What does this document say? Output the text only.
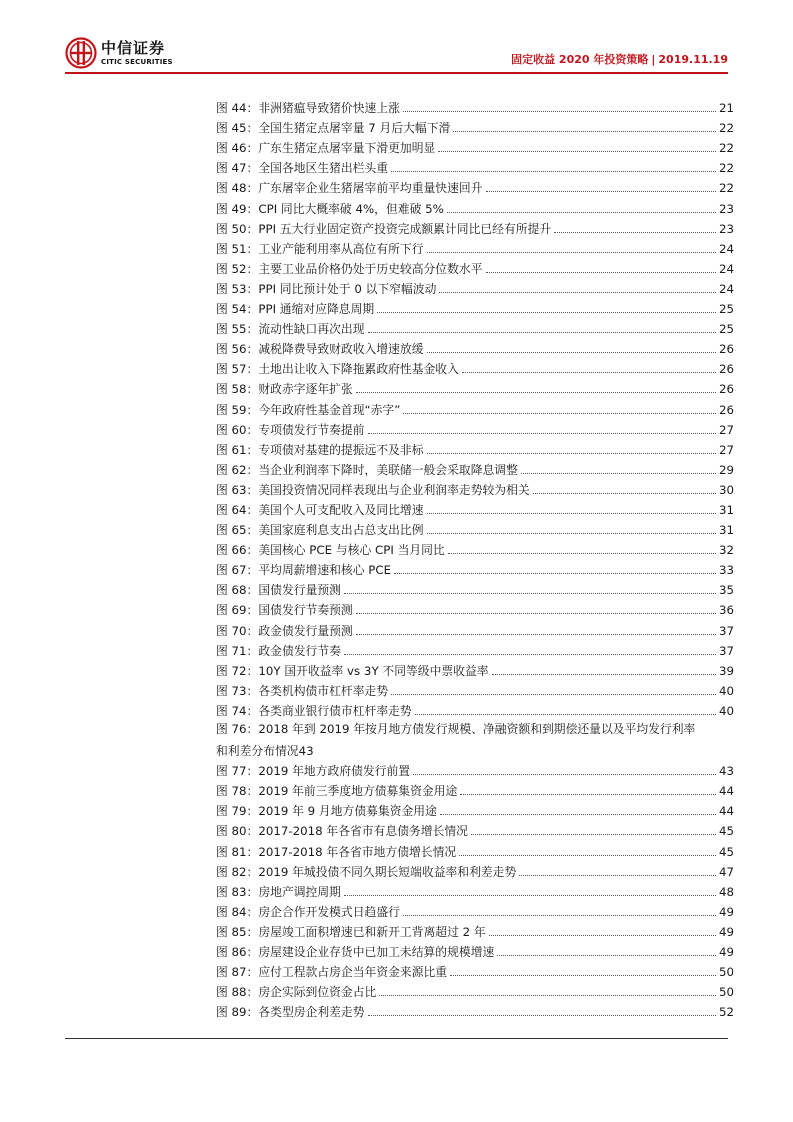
中信证券
CITIC SECURITIES	固定收益 2020 年投资策略 | 2019.11.19
图 44：非洲猪瘟导致猪价快速上涨	21
图 45：全国生猪定点屠宰量 7 月后大幅下滑	22
图 46：广东生猪定点屠宰量下滑更加明显	22
图 47：全国各地区生猪出栏头重	22
图 48：广东屠宰企业生猪屠宰前平均重量快速回升	22
图 49：CPI 同比大概率破 4%，但难破 5%	23
图 50：PPI 五大行业固定资产投资完成额累计同比已经有所提升	23
图 51：工业产能利用率从高位有所下行	24
图 52：主要工业品价格仍处于历史较高分位数水平	24
图 53：PPI 同比预计处于 0 以下窄幅波动	24
图 54：PPI 通缩对应降息周期	25
图 55：流动性缺口再次出现	25
图 56：减税降费导致财政收入增速放缓	26
图 57：土地出让收入下降拖累政府性基金收入	26
图 58：财政赤字逐年扩张	26
图 59：今年政府性基金首现“赤字”	26
图 60：专项债发行节奏提前	27
图 61：专项债对基建的提振远不及非标	27
图 62：当企业利润率下降时，美联储一般会采取降息调整	29
图 63：美国投资情况同样表现出与企业利润率走势较为相关	30
图 64：美国个人可支配收入及同比增速	31
图 65：美国家庭利息支出占总支出比例	31
图 66：美国核心 PCE 与核心 CPI 当月同比	32
图 67：平均周薪增速和核心 PCE	33
图 68：国债发行量预测	35
图 69：国债发行节奏预测	36
图 70：政金债发行量预测	37
图 71：政金债发行节奏	37
图 72：10Y 国开收益率 vs 3Y 不同等级中票收益率	39
图 73：各类机构债市杠杆率走势	40
图 74：各类商业银行债市杠杆率走势	40
图 76：2018 年到 2019 年按月地方债发行规模、净融资额和到期偿还量以及平均发行利率
和利差分布情况 43
图 77：2019 年地方政府债发行前置	43
图 78：2019 年前三季度地方债募集资金用途	44
图 79：2019 年 9 月地方债募集资金用途	44
图 80：2017-2018 年各省市有息债务增长情况	45
图 81：2017-2018 年各省市地方债增长情况	45
图 82：2019 年城投债不同久期长短端收益率和利差走势	47
图 83：房地产调控周期	48
图 84：房企合作开发模式日趋盛行	49
图 85：房屋竣工面积增速已和新开工背离超过 2 年	49
图 86：房屋建设企业存货中已加工未结算的规模增速	49
图 87：应付工程款占房企当年资金来源比重	50
图 88：房企实际到位资金占比	50
图 89：各类型房企利差走势	52
